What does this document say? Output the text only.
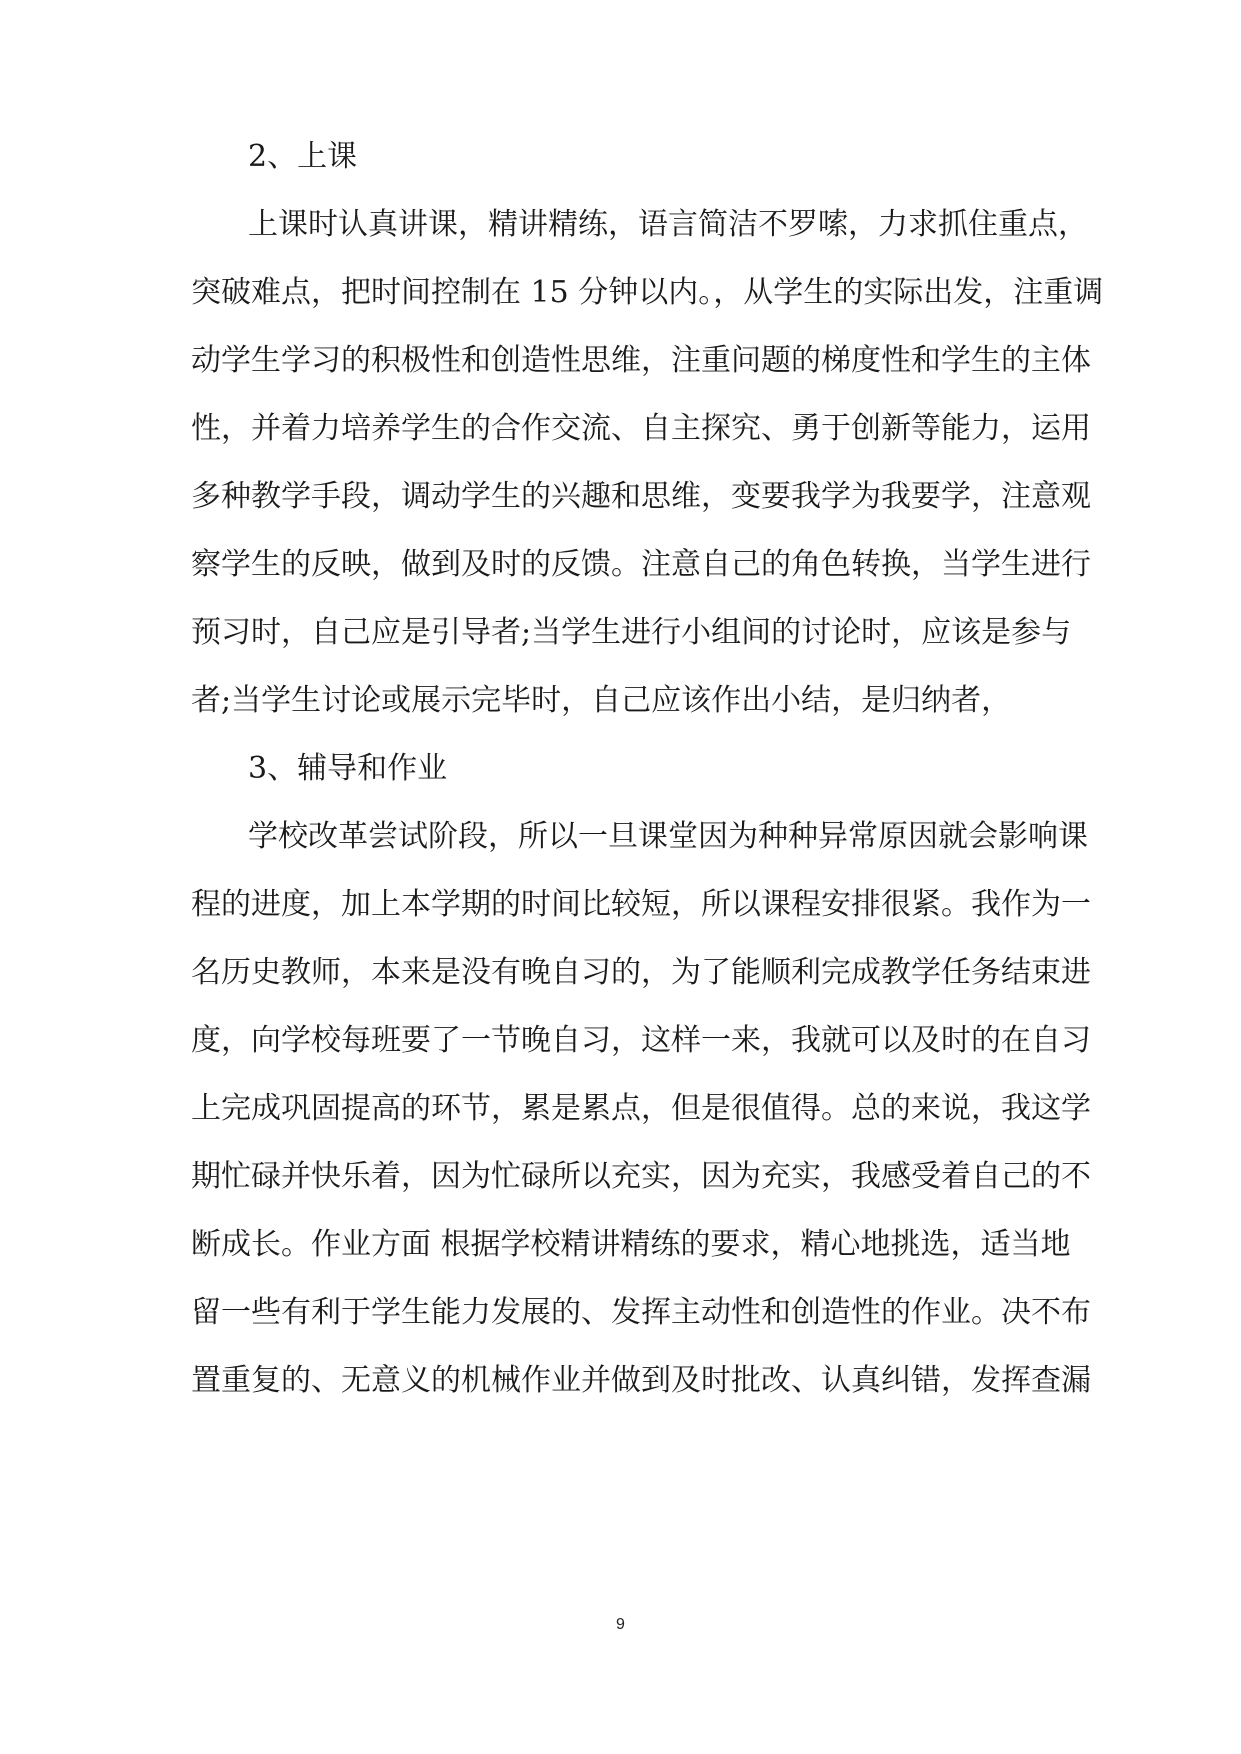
2、上课
上课时认真讲课，精讲精练，语言简洁不罗嗦，力求抓住重点，
突破难点，把时间控制在 15 分钟以内。，从学生的实际出发，注重调
动学生学习的积极性和创造性思维，注重问题的梯度性和学生的主体
性，并着力培养学生的合作交流、自主探究、勇于创新等能力，运用
多种教学手段，调动学生的兴趣和思维，变要我学为我要学，注意观
察学生的反映，做到及时的反馈。注意自己的角色转换，当学生进行
预习时，自己应是引导者;当学生进行小组间的讨论时，应该是参与
者;当学生讨论或展示完毕时，自己应该作出小结，是归纳者，
3、辅导和作业
学校改革尝试阶段，所以一旦课堂因为种种异常原因就会影响课
程的进度，加上本学期的时间比较短，所以课程安排很紧。我作为一
名历史教师，本来是没有晚自习的，为了能顺利完成教学任务结束进
度，向学校每班要了一节晚自习，这样一来，我就可以及时的在自习
上完成巩固提高的环节，累是累点，但是很值得。总的来说，我这学
期忙碌并快乐着，因为忙碌所以充实，因为充实，我感受着自己的不
断成长。作业方面 根据学校精讲精练的要求，精心地挑选，适当地
留一些有利于学生能力发展的、发挥主动性和创造性的作业。决不布
置重复的、无意义的机械作业并做到及时批改、认真纠错，发挥查漏
9
